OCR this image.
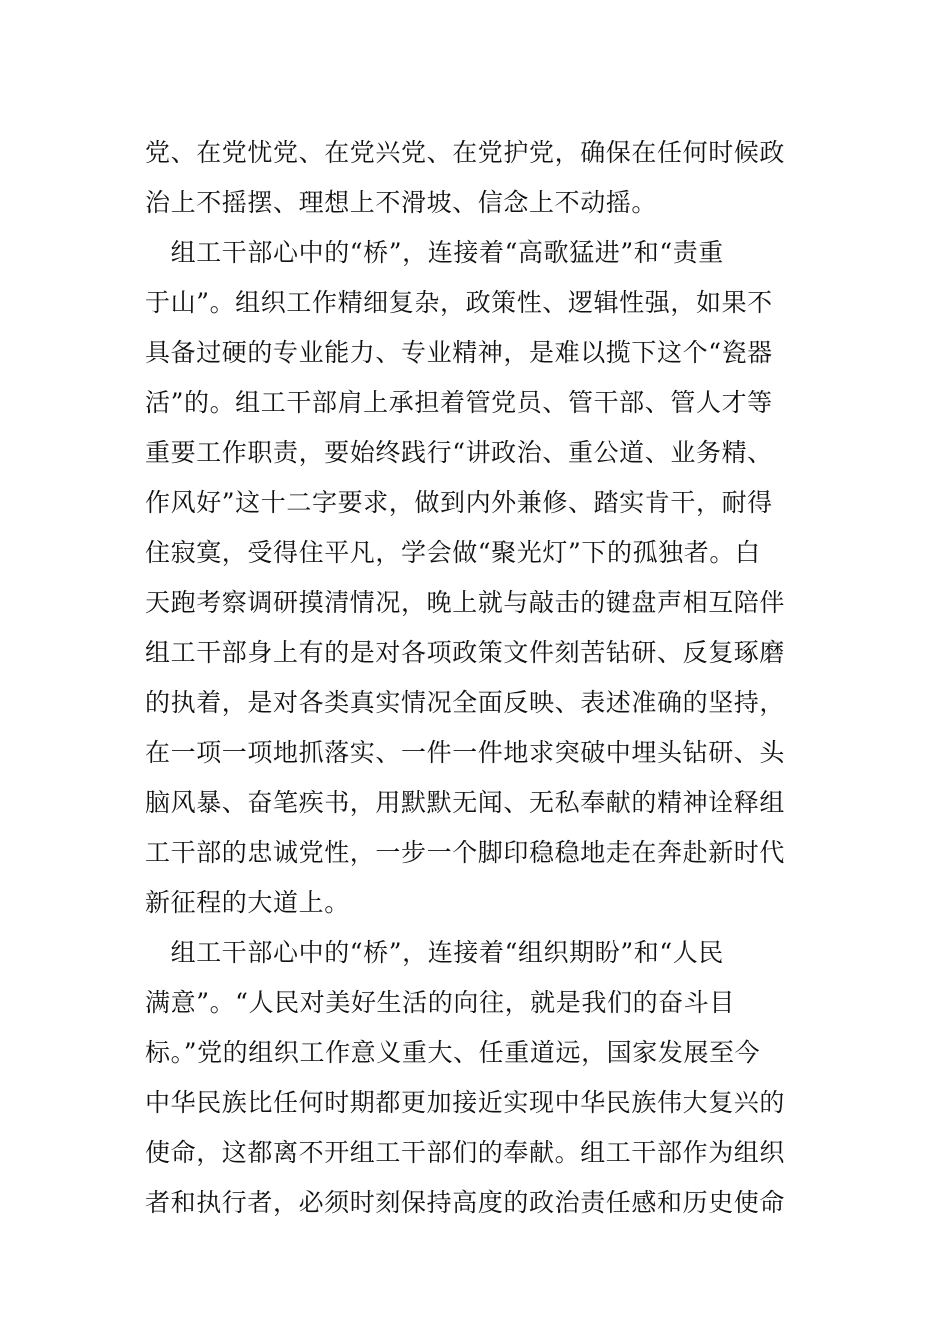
党、在党忧党、在党兴党、在党护党，确保在任何时候政
治上不摇摆、理想上不滑坡、信念上不动摇。
　组工干部心中的“桥”，连接着“高歌猛进”和“责重
于山”。组织工作精细复杂，政策性、逻辑性强，如果不
具备过硬的专业能力、专业精神，是难以揽下这个“瓷器
活”的。组工干部肩上承担着管党员、管干部、管人才等
重要工作职责，要始终践行“讲政治、重公道、业务精、
作风好”这十二字要求，做到内外兼修、踏实肯干，耐得
住寂寞，受得住平凡，学会做“聚光灯”下的孤独者。白
天跑考察调研摸清情况，晚上就与敲击的键盘声相互陪伴
组工干部身上有的是对各项政策文件刻苦钻研、反复琢磨
的执着，是对各类真实情况全面反映、表述准确的坚持，
在一项一项地抓落实、一件一件地求突破中埋头钻研、头
脑风暴、奋笔疾书，用默默无闻、无私奉献的精神诠释组
工干部的忠诚党性，一步一个脚印稳稳地走在奔赴新时代
新征程的大道上。
　组工干部心中的“桥”，连接着“组织期盼”和“人民
满意”。“人民对美好生活的向往，就是我们的奋斗目
标。”党的组织工作意义重大、任重道远，国家发展至今
中华民族比任何时期都更加接近实现中华民族伟大复兴的
使命，这都离不开组工干部们的奉献。组工干部作为组织
者和执行者，必须时刻保持高度的政治责任感和历史使命
